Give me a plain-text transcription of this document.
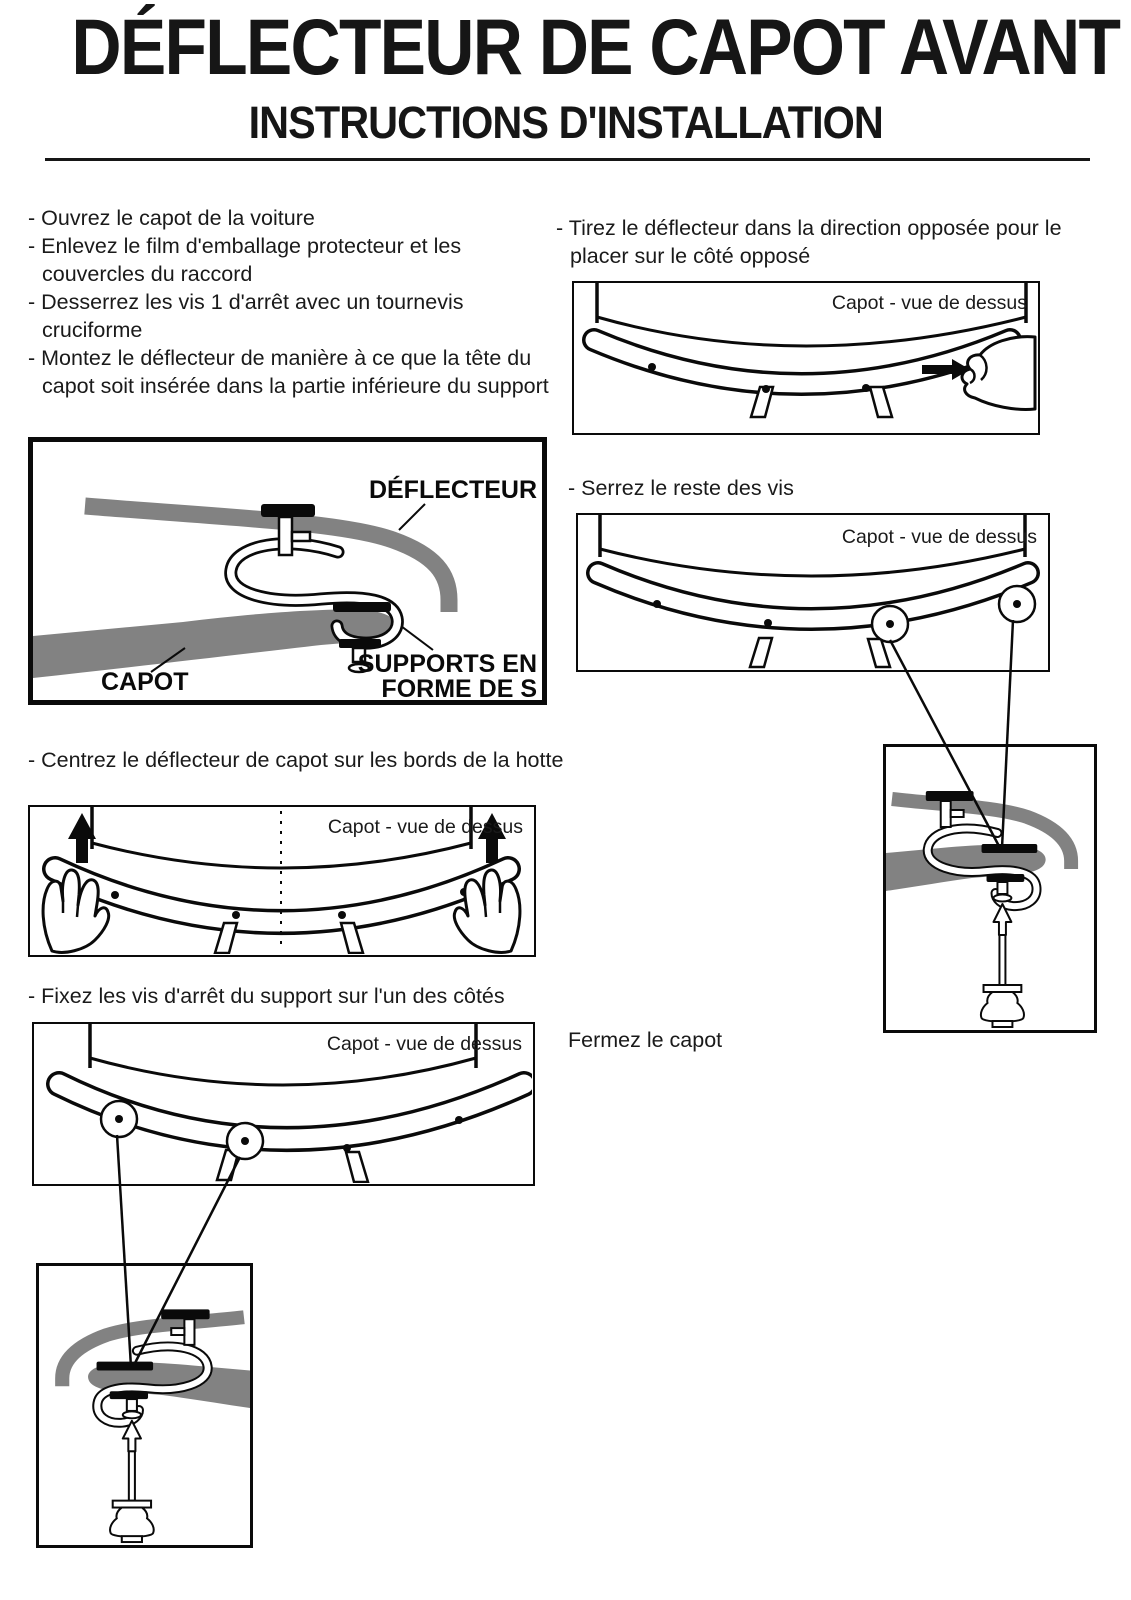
DÉFLECTEUR DE CAPOT AVANT
INSTRUCTIONS D'INSTALLATION
- Ouvrez le capot de la voiture
- Enlevez le film d'emballage protecteur et les couvercles du raccord
- Desserrez les vis 1 d'arrêt avec un tournevis cruciforme
- Montez le déflecteur de manière à ce que la tête du capot soit insérée dans la partie inférieure du support
DÉFLECTEUR
CAPOT
SUPPORTS EN
FORME DE S
- Centrez le déflecteur de capot sur les bords de la hotte
Capot - vue de dessus
- Fixez les vis d'arrêt du support sur l'un des côtés
Capot - vue de dessus Fermez le capot
- Tirez le déflecteur dans la direction opposée pour le placer sur le côté opposé
Capot - vue de dessus
- Serrez le reste des vis
Capot - vue de dessus
